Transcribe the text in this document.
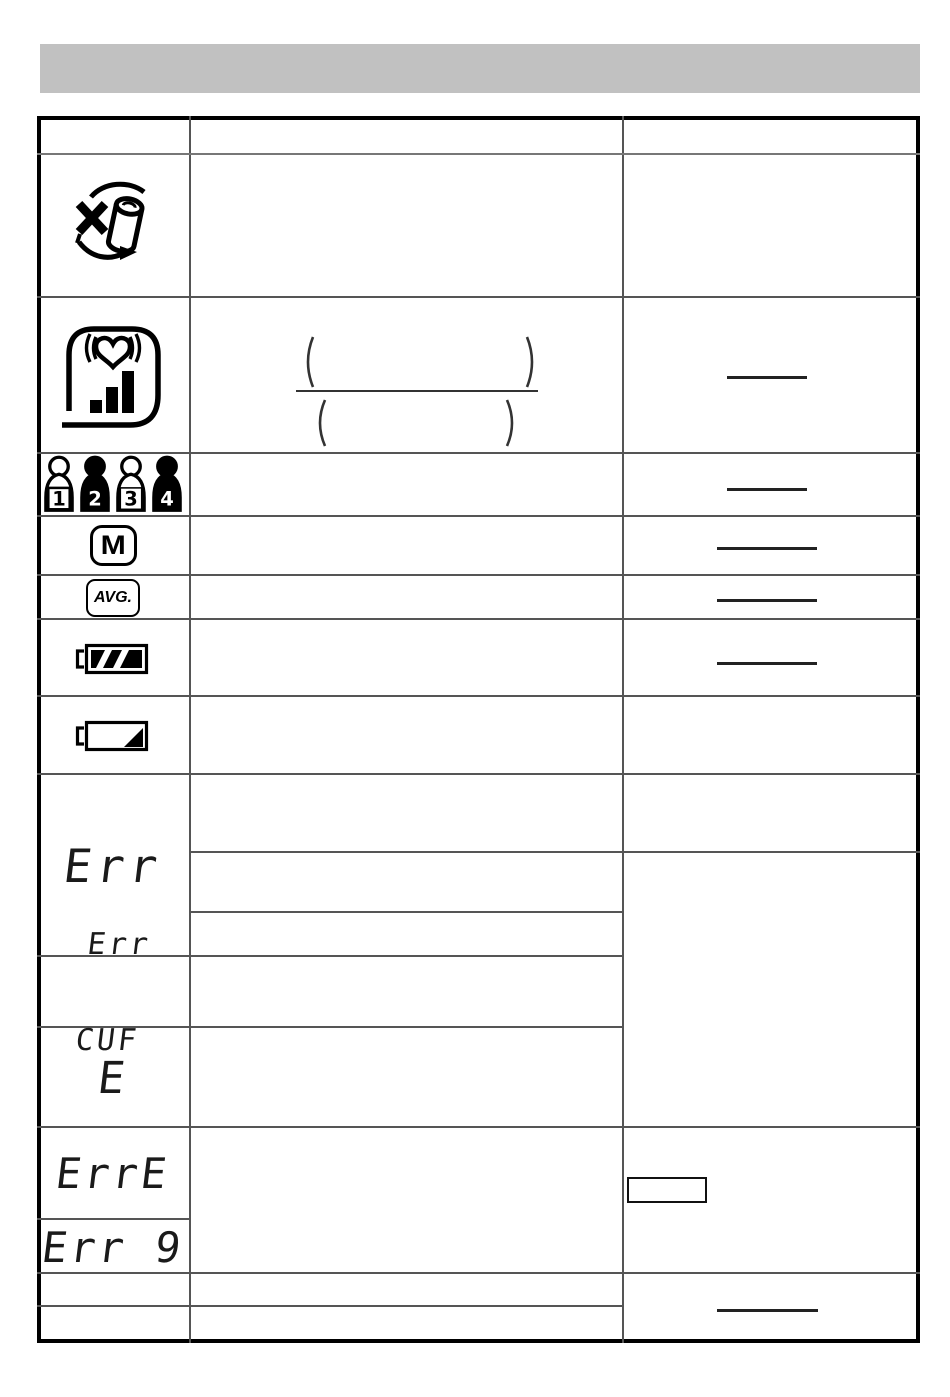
1 2 3 4
M
AVG.
Err

Err

CUF

E
ErrE
Err 9
